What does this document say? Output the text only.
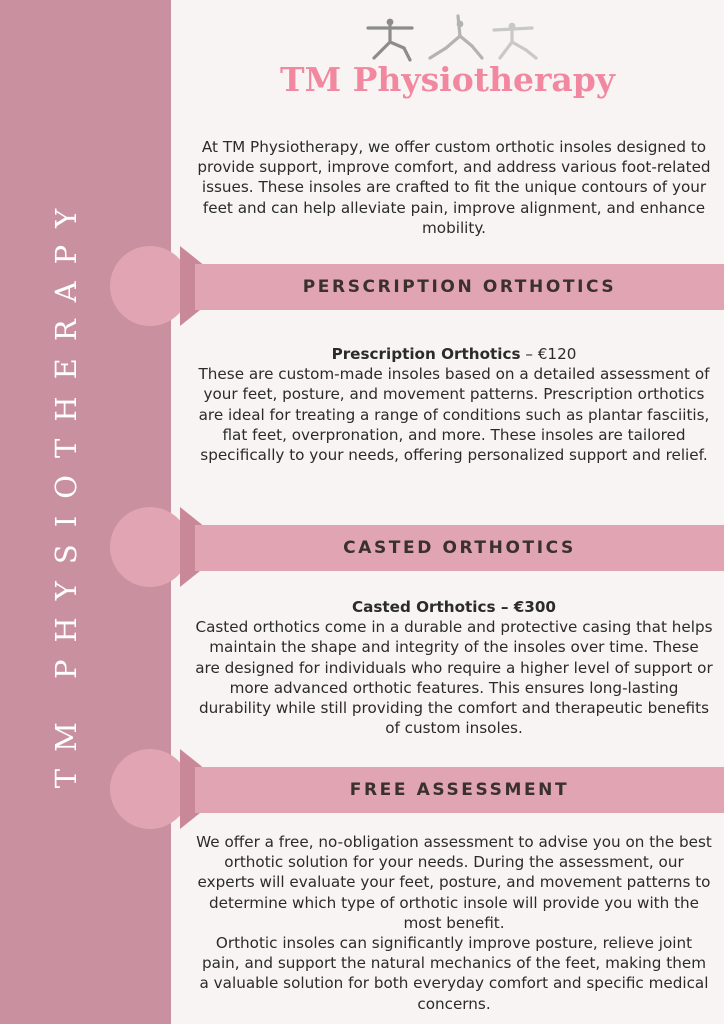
TM PHYSIOTHERAPY
TM Physiotherapy

At TM Physiotherapy, we offer custom orthotic insoles designed to provide support, improve comfort, and address various foot-related issues. These insoles are crafted to fit the unique contours of your feet and can help alleviate pain, improve alignment, and enhance mobility.

PERSCRIPTION ORTHOTICS

Prescription Orthotics – €120
These are custom-made insoles based on a detailed assessment of your feet, posture, and movement patterns. Prescription orthotics are ideal for treating a range of conditions such as plantar fasciitis, flat feet, overpronation, and more. These insoles are tailored specifically to your needs, offering personalized support and relief.

CASTED ORTHOTICS

Casted Orthotics – €300
Casted orthotics come in a durable and protective casing that helps maintain the shape and integrity of the insoles over time. These are designed for individuals who require a higher level of support or more advanced orthotic features. This ensures long-lasting durability while still providing the comfort and therapeutic benefits of custom insoles.

FREE ASSESSMENT

We offer a free, no-obligation assessment to advise you on the best orthotic solution for your needs. During the assessment, our experts will evaluate your feet, posture, and movement patterns to determine which type of orthotic insole will provide you with the most benefit.
Orthotic insoles can significantly improve posture, relieve joint pain, and support the natural mechanics of the feet, making them a valuable solution for both everyday comfort and specific medical concerns.
